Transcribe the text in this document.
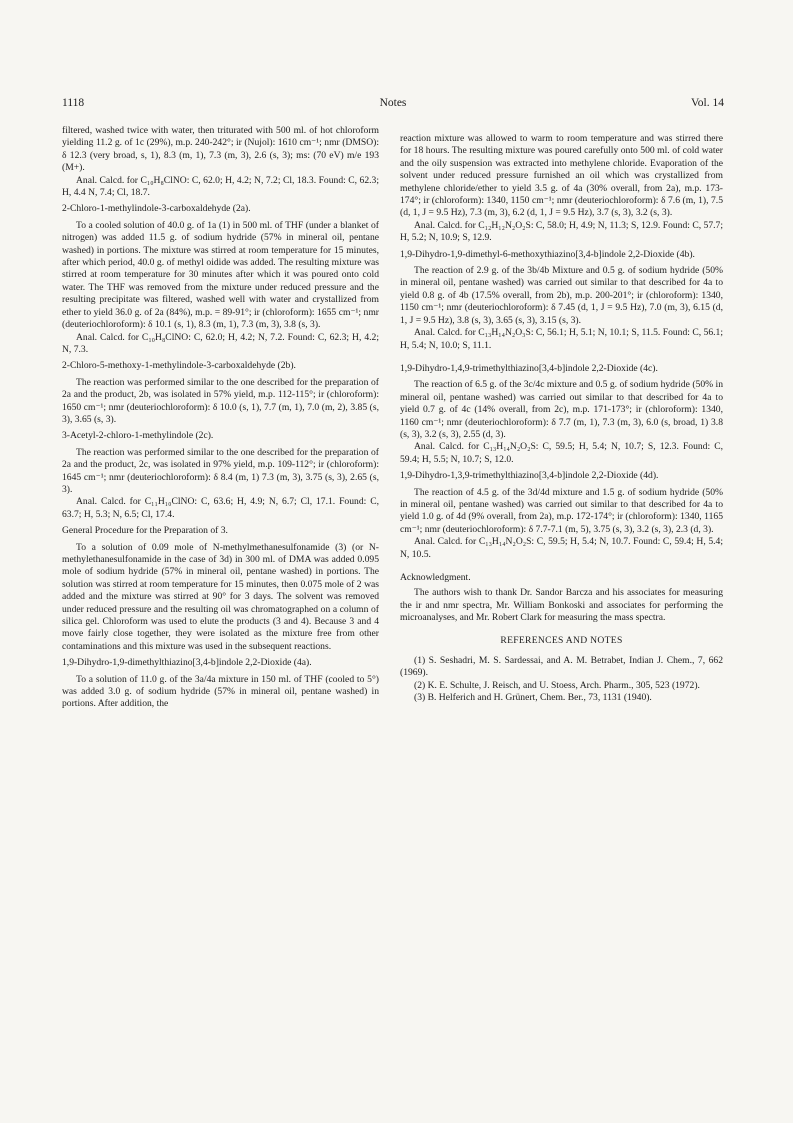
1118	Notes	Vol. 14

filtered, washed twice with water, then triturated with 500 ml. of hot chloroform yielding 11.2 g. of 1c (29%), m.p. 240-242°; ir (Nujol): 1610 cm⁻¹; nmr (DMSO): δ 12.3 (very broad, s, 1), 8.3 (m, 1), 7.3 (m, 3), 2.6 (s, 3); ms: (70 eV) m/e 193 (M+).

Anal. Calcd. for C₁₀H₈ClNO: C, 62.0; H, 4.2; N, 7.2; Cl, 18.3. Found: C, 62.3; H, 4.4 N, 7.4; Cl, 18.7.

2-Chloro-1-methylindole-3-carboxaldehyde (2a).

To a cooled solution of 40.0 g. of 1a (1) in 500 ml. of THF (under a blanket of nitrogen) was added 11.5 g. of sodium hydride (57% in mineral oil, pentane washed) in portions. The mixture was stirred at room temperature for 15 minutes, after which period, 40.0 g. of methyl oidide was added. The resulting mixture was stirred at room temperature for 30 minutes after which it was poured onto cold water. The THF was removed from the mixture under reduced pressure and the resulting precipitate was filtered, washed well with water and crystallized from ether to yield 36.0 g. of 2a (84%), m.p. = 89-91°; ir (chloroform): 1655 cm⁻¹; nmr (deuteriochloroform): δ 10.1 (s, 1), 8.3 (m, 1), 7.3 (m, 3), 3.8 (s, 3).

Anal. Calcd. for C₁₀H₈ClNO: C, 62.0; H, 4.2; N, 7.2. Found: C, 62.3; H, 4.2; N, 7.3.

2-Chloro-5-methoxy-1-methylindole-3-carboxaldehyde (2b).

The reaction was performed similar to the one described for the preparation of 2a and the product, 2b, was isolated in 57% yield, m.p. 112-115°; ir (chloroform): 1650 cm⁻¹; nmr (deuteriochloroform): δ 10.0 (s, 1), 7.7 (m, 1), 7.0 (m, 2), 3.85 (s, 3), 3.65 (s, 3).

3-Acetyl-2-chloro-1-methylindole (2c).

The reaction was performed similar to the one described for the preparation of 2a and the product, 2c, was isolated in 97% yield, m.p. 109-112°; ir (chloroform): 1645 cm⁻¹; nmr (deuteriochloroform): δ 8.4 (m, 1) 7.3 (m, 3), 3.75 (s, 3), 2.65 (s, 3).

Anal. Calcd. for C₁₁H₁₀ClNO: C, 63.6; H, 4.9; N, 6.7; Cl, 17.1. Found: C, 63.7; H, 5.3; N, 6.5; Cl, 17.4.

General Procedure for the Preparation of 3.

To a solution of 0.09 mole of N-methylmethanesulfonamide (3) (or N-methylethanesulfonamide in the case of 3d) in 300 ml. of DMA was added 0.095 mole of sodium hydride (57% in mineral oil, pentane washed) in portions. The solution was stirred at room temperature for 15 minutes, then 0.075 mole of 2 was added and the mixture was stirred at 90° for 3 days. The solvent was removed under reduced pressure and the resulting oil was chromatographed on a column of silica gel. Chloroform was used to elute the products (3 and 4). Because 3 and 4 move fairly close together, they were isolated as the mixture free from other contaminations and this mixture was used in the subsequent reactions.

1,9-Dihydro-1,9-dimethylthiazino[3,4-b]indole 2,2-Dioxide (4a).

To a solution of 11.0 g. of the 3a/4a mixture in 150 ml. of THF (cooled to 5°) was added 3.0 g. of sodium hydride (57% in mineral oil, pentane washed) in portions. After addition, the

reaction mixture was allowed to warm to room temperature and was stirred there for 18 hours. The resulting mixture was poured carefully onto 500 ml. of cold water and the oily suspension was extracted into methylene chloride. Evaporation of the solvent under reduced pressure furnished an oil which was crystallized from methylene chloride/ether to yield 3.5 g. of 4a (30% overall, from 2a), m.p. 173-174°; ir (chloroform): 1340, 1150 cm⁻¹; nmr (deuteriochloroform): δ 7.6 (m, 1), 7.5 (d, 1, J = 9.5 Hz), 7.3 (m, 3), 6.2 (d, 1, J = 9.5 Hz), 3.7 (s, 3), 3.2 (s, 3).

Anal. Calcd. for C₁₂H₁₂N₂O₂S: C, 58.0; H, 4.9; N, 11.3; S, 12.9. Found: C, 57.7; H, 5.2; N, 10.9; S, 12.9.

1,9-Dihydro-1,9-dimethyl-6-methoxythiazino[3,4-b]indole 2,2-Dioxide (4b).

The reaction of 2.9 g. of the 3b/4b Mixture and 0.5 g. of sodium hydride (50% in mineral oil, pentane washed) was carried out similar to that described for 4a to yield 0.8 g. of 4b (17.5% overall, from 2b), m.p. 200-201°; ir (chloroform): 1340, 1150 cm⁻¹; nmr (deuteriochloroform): δ 7.45 (d, 1, J = 9.5 Hz), 7.0 (m, 3), 6.15 (d, 1, J = 9.5 Hz), 3.8 (s, 3), 3.65 (s, 3), 3.15 (s, 3).

Anal. Calcd. for C₁₃H₁₄N₂O₃S: C, 56.1; H, 5.1; N, 10.1; S, 11.5. Found: C, 56.1; H, 5.4; N, 10.0; S, 11.1.

1,9-Dihydro-1,4,9-trimethylthiazino[3,4-b]indole 2,2-Dioxide (4c).

The reaction of 6.5 g. of the 3c/4c mixture and 0.5 g. of sodium hydride (50% in mineral oil, pentane washed) was carried out similar to that described for 4a to yield 0.7 g. of 4c (14% overall, from 2c), m.p. 171-173°; ir (chloroform): 1340, 1160 cm⁻¹; nmr (deuteriochloroform): δ 7.7 (m, 1), 7.3 (m, 3), 6.0 (s, broad, 1) 3.8 (s, 3), 3.2 (s, 3), 2.55 (d, 3).

Anal. Calcd. for C₁₃H₁₄N₂O₂S: C, 59.5; H, 5.4; N, 10.7; S, 12.3. Found: C, 59.4; H, 5.5; N, 10.7; S, 12.0.

1,9-Dihydro-1,3,9-trimethylthiazino[3,4-b]indole 2,2-Dioxide (4d).

The reaction of 4.5 g. of the 3d/4d mixture and 1.5 g. of sodium hydride (50% in mineral oil, pentane washed) was carried out similar to that described for 4a to yield 1.0 g. of 4d (9% overall, from 2a), m.p. 172-174°; ir (chloroform): 1340, 1165 cm⁻¹; nmr (deuteriochloroform): δ 7.7-7.1 (m, 5), 3.75 (s, 3), 3.2 (s, 3), 2.3 (d, 3).

Anal. Calcd. for C₁₃H₁₄N₂O₂S: C, 59.5; H, 5.4; N, 10.7. Found: C, 59.4; H, 5.4; N, 10.5.

Acknowledgment.

The authors wish to thank Dr. Sandor Barcza and his associates for measuring the ir and nmr spectra, Mr. William Bonkoski and associates for performing the microanalyses, and Mr. Robert Clark for measuring the mass spectra.

REFERENCES AND NOTES

(1) S. Seshadri, M. S. Sardessai, and A. M. Betrabet, Indian J. Chem., 7, 662 (1969).

(2) K. E. Schulte, J. Reisch, and U. Stoess, Arch. Pharm., 305, 523 (1972).

(3) B. Helferich and H. Grünert, Chem. Ber., 73, 1131 (1940).
